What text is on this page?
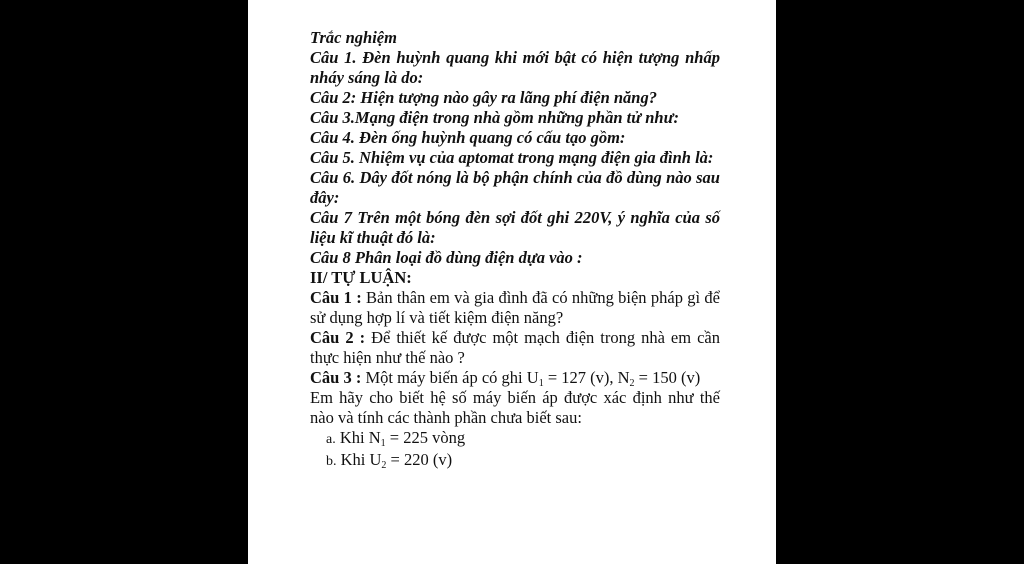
Trắc nghiệm

Câu 1. Đèn huỳnh quang khi mới bật có hiện tượng nhấp nháy sáng là do:

Câu 2: Hiện tượng nào gây ra lãng phí điện năng?

Câu 3.Mạng điện trong nhà gồm những phần tử như:

Câu 4. Đèn ống huỳnh quang có cấu tạo gồm:

Câu 5. Nhiệm vụ của aptomat trong mạng điện gia đình là:

Câu 6. Dây đốt nóng là bộ phận chính của đồ dùng nào sau đây:

Câu 7 Trên một bóng đèn sợi đốt ghi 220V, ý nghĩa của số liệu kĩ thuật đó là:

Câu 8 Phân loại đồ dùng điện dựa vào :

II/ TỰ LUẬN:

Câu 1 : Bản thân em và gia đình đã có những biện pháp gì để sử dụng hợp lí và tiết kiệm điện năng?

Câu 2 : Để thiết kế được một mạch điện trong nhà em cần thực hiện như thế nào ?

Câu 3 : Một máy biến áp có ghi $U_1 = 127$ (v), $N_2 = 150$ (v)

Em hãy cho biết hệ số máy biến áp được xác định như thế nào và tính các thành phần chưa biết sau:

a. Khi $N_1 = 225$ vòng

b. Khi $U_2 = 220$ (v)
